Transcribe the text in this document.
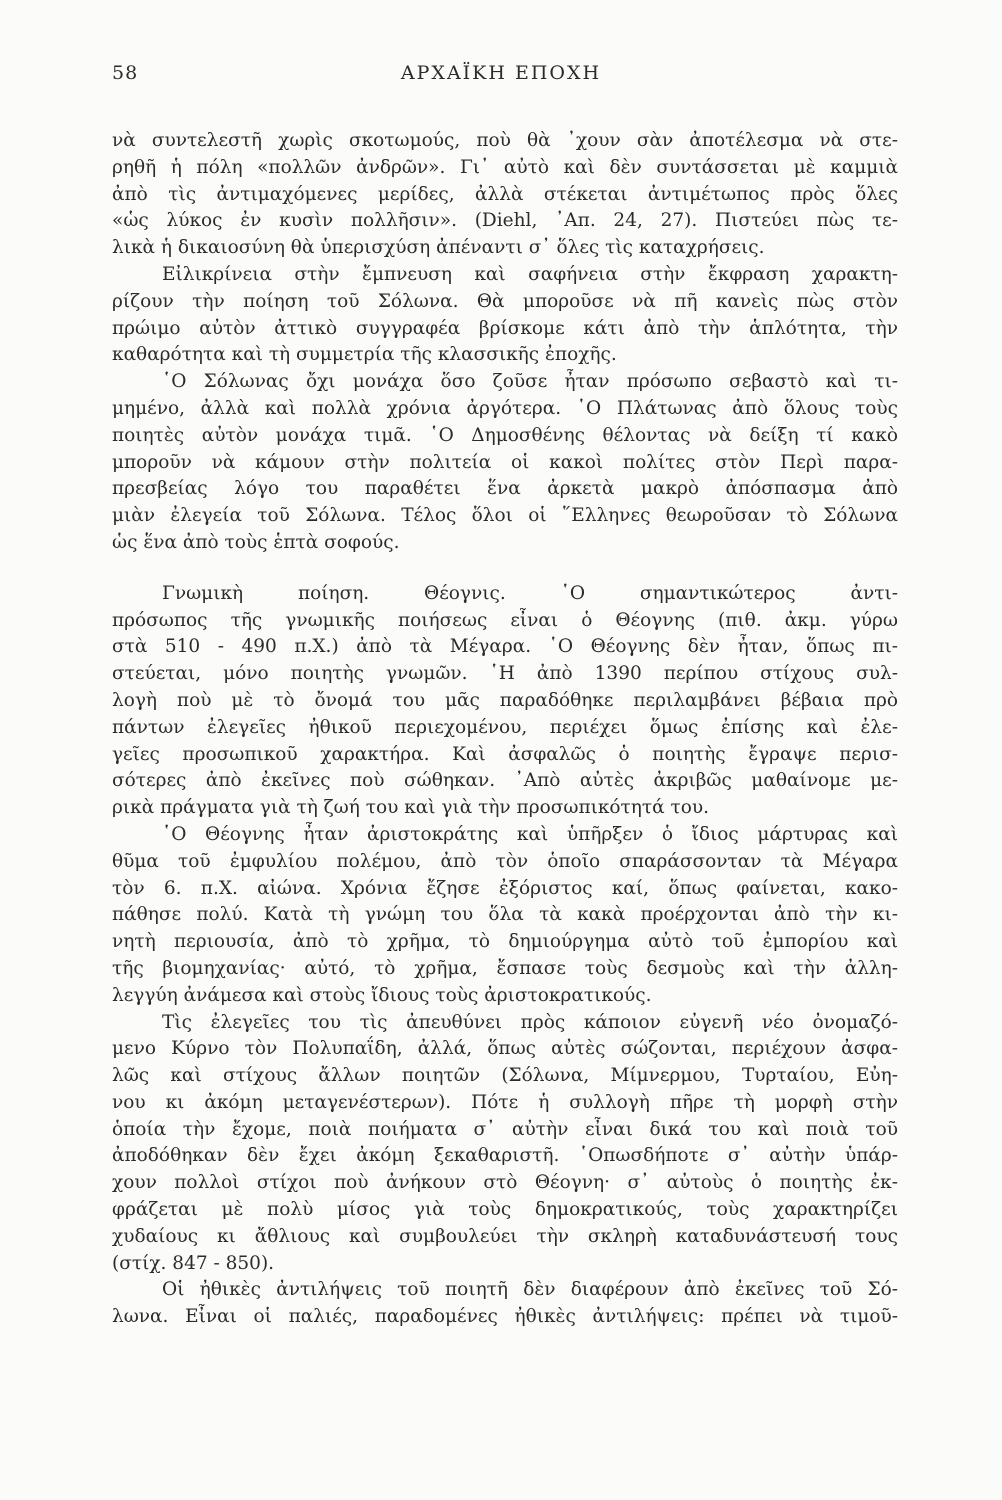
58	ΑΡΧΑΪΚΗ ΕΠΟΧΗ
νὰ συντελεστῆ χωρὶς σκοτωμούς, ποὺ θὰ ᾿χουν σὰν ἀποτέλεσμα νὰ στε-
ρηθῆ ἡ πόλη «πολλῶν ἀνδρῶν». Γι᾿ αὐτὸ καὶ δὲν συντάσσεται μὲ καμμιὰ
ἀπὸ τὶς ἀντιμαχόμενες μερίδες, ἀλλὰ στέκεται ἀντιμέτωπος πρὸς ὅλες
«ὡς λύκος ἐν κυσὶν πολλῆσιν». (Diehl, ᾿Απ. 24, 27). Πιστεύει πὼς τε-
λικὰ ἡ δικαιοσύνη θὰ ὑπερισχύση ἀπέναντι σ᾿ ὅλες τὶς καταχρήσεις.
Εἰλικρίνεια στὴν ἔμπνευση καὶ σαφήνεια στὴν ἔκφραση χαρακτη-
ρίζουν τὴν ποίηση τοῦ Σόλωνα. Θὰ μποροῦσε νὰ πῆ κανεὶς πὼς στὸν
πρώιμο αὐτὸν ἀττικὸ συγγραφέα βρίσκομε κάτι ἀπὸ τὴν ἁπλότητα, τὴν
καθαρότητα καὶ τὴ συμμετρία τῆς κλασσικῆς ἐποχῆς.
῾Ο Σόλωνας ὄχι μονάχα ὅσο ζοῦσε ἦταν πρόσωπο σεβαστὸ καὶ τι-
μημένο, ἀλλὰ καὶ πολλὰ χρόνια ἀργότερα. ῾Ο Πλάτωνας ἀπὸ ὅλους τοὺς
ποιητὲς αὐτὸν μονάχα τιμᾶ. ῾Ο Δημοσθένης θέλοντας νὰ δείξη τί κακὸ
μποροῦν νὰ κάμουν στὴν πολιτεία οἱ κακοὶ πολίτες στὸν Περὶ παρα-
πρεσβείας λόγο του παραθέτει ἕνα ἀρκετὰ μακρὸ ἀπόσπασμα ἀπὸ
μιὰν ἐλεγεία τοῦ Σόλωνα. Τέλος ὅλοι οἱ ῞Ελληνες θεωροῦσαν τὸ Σόλωνα
ὡς ἕνα ἀπὸ τοὺς ἑπτὰ σοφούς.
Γνωμικὴ ποίηση. Θέογνις. ῾Ο σημαντικώτερος ἀντι-
πρόσωπος τῆς γνωμικῆς ποιήσεως εἶναι ὁ Θέογνης (πιθ. ἀκμ. γύρω
στὰ 510 - 490 π.Χ.) ἀπὸ τὰ Μέγαρα. ῾Ο Θέογνης δὲν ἦταν, ὅπως πι-
στεύεται, μόνο ποιητὴς γνωμῶν. ῾Η ἀπὸ 1390 περίπου στίχους συλ-
λογὴ ποὺ μὲ τὸ ὄνομά του μᾶς παραδόθηκε περιλαμβάνει βέβαια πρὸ
πάντων ἐλεγεῖες ἠθικοῦ περιεχομένου, περιέχει ὅμως ἐπίσης καὶ ἐλε-
γεῖες προσωπικοῦ χαρακτήρα. Καὶ ἀσφαλῶς ὁ ποιητὴς ἔγραψε περισ-
σότερες ἀπὸ ἐκεῖνες ποὺ σώθηκαν. ᾿Απὸ αὐτὲς ἀκριβῶς μαθαίνομε με-
ρικὰ πράγματα γιὰ τὴ ζωή του καὶ γιὰ τὴν προσωπικότητά του.
῾Ο Θέογνης ἦταν ἀριστοκράτης καὶ ὑπῆρξεν ὁ ἴδιος μάρτυρας καὶ
θῦμα τοῦ ἐμφυλίου πολέμου, ἀπὸ τὸν ὁποῖο σπαράσσονταν τὰ Μέγαρα
τὸν 6. π.Χ. αἰώνα. Χρόνια ἔζησε ἐξόριστος καί, ὅπως φαίνεται, κακο-
πάθησε πολύ. Κατὰ τὴ γνώμη του ὅλα τὰ κακὰ προέρχονται ἀπὸ τὴν κι-
νητὴ περιουσία, ἀπὸ τὸ χρῆμα, τὸ δημιούργημα αὐτὸ τοῦ ἐμπορίου καὶ
τῆς βιομηχανίας· αὐτό, τὸ χρῆμα, ἔσπασε τοὺς δεσμοὺς καὶ τὴν ἀλλη-
λεγγύη ἀνάμεσα καὶ στοὺς ἴδιους τοὺς ἀριστοκρατικούς.
Τὶς ἐλεγεῖες του τὶς ἀπευθύνει πρὸς κάποιον εὐγενῆ νέο ὀνομαζό-
μενο Κύρνο τὸν Πολυπαΐδη, ἀλλά, ὅπως αὐτὲς σώζονται, περιέχουν ἀσφα-
λῶς καὶ στίχους ἄλλων ποιητῶν (Σόλωνα, Μίμνερμου, Τυρταίου, Εὐη-
νου κι ἀκόμη μεταγενέστερων). Πότε ἡ συλλογὴ πῆρε τὴ μορφὴ στὴν
ὁποία τὴν ἔχομε, ποιὰ ποιήματα σ᾿ αὐτὴν εἶναι δικά του καὶ ποιὰ τοῦ
ἀποδόθηκαν δὲν ἔχει ἀκόμη ξεκαθαριστῆ. ῾Οπωσδήποτε σ᾿ αὐτὴν ὑπάρ-
χουν πολλοὶ στίχοι ποὺ ἀνήκουν στὸ Θέογνη· σ᾿ αὐτοὺς ὁ ποιητὴς ἐκ-
φράζεται μὲ πολὺ μίσος γιὰ τοὺς δημοκρατικούς, τοὺς χαρακτηρίζει
χυδαίους κι ἄθλιους καὶ συμβουλεύει τὴν σκληρὴ καταδυνάστευσή τους
(στίχ. 847 - 850).
Οἱ ἠθικὲς ἀντιλήψεις τοῦ ποιητῆ δὲν διαφέρουν ἀπὸ ἐκεῖνες τοῦ Σό-
λωνα. Εἶναι οἱ παλιές, παραδομένες ἠθικὲς ἀντιλήψεις: πρέπει νὰ τιμοῦ-
